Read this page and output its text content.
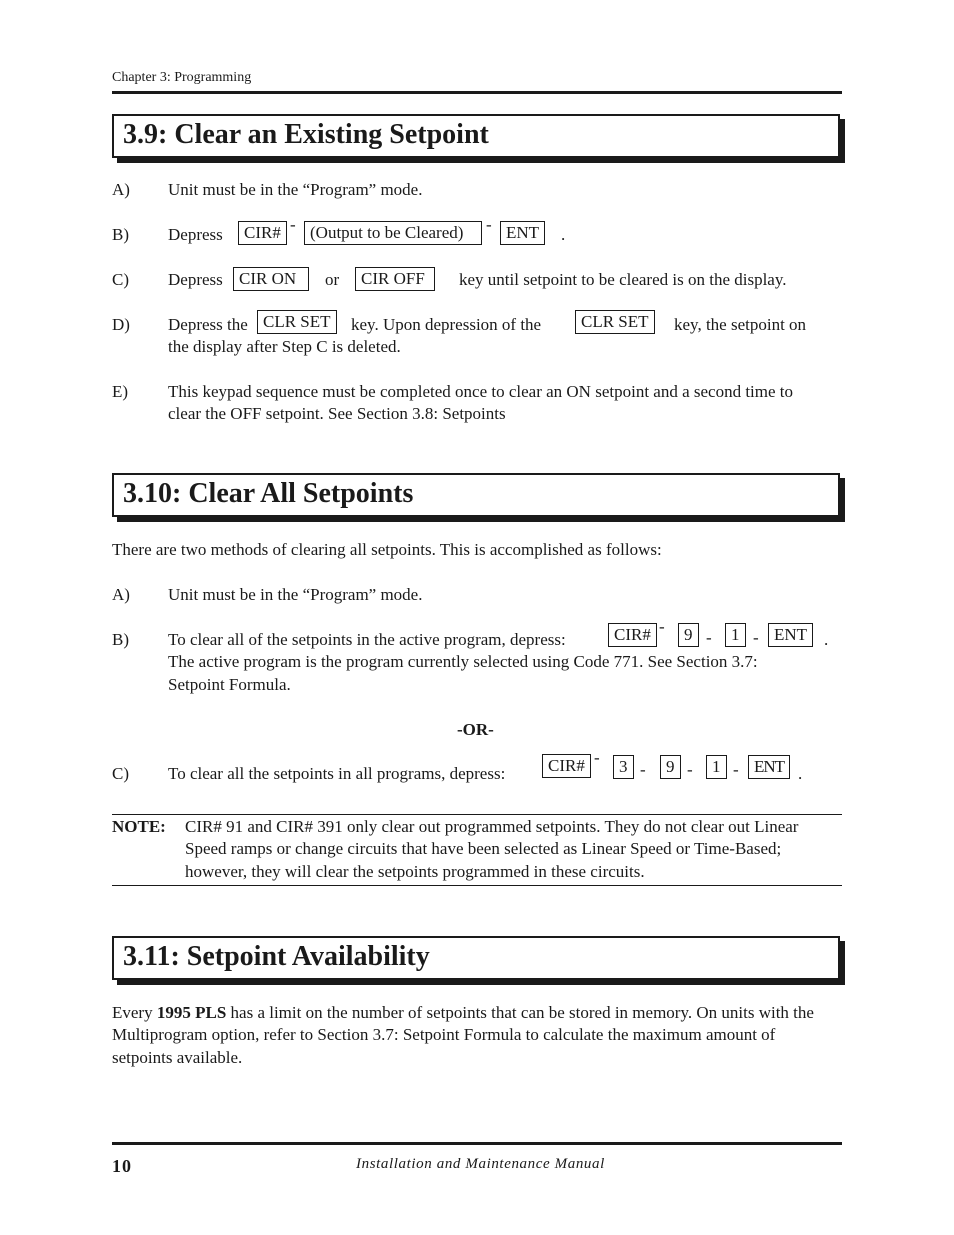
Chapter 3: Programming
3.9: Clear an Existing Setpoint
A) Unit must be in the “Program” mode.
B) Depress	CIR# - (Output to be Cleared)	- ENT	.
C) Depress CIR ON	or	CIR OFF	key until setpoint to be cleared is on the display.
D) Depress the CLR SET	key. Upon depression of the	CLR SET	key, the setpoint on
the display after Step C is deleted.
E) This keypad sequence must be completed once to clear an ON setpoint and a second time to
clear the OFF setpoint. See Section 3.8: Setpoints
3.10: Clear All Setpoints
There are two methods of clearing all setpoints. This is accomplished as follows:
A) Unit must be in the “Program” mode.
B) To clear all of the setpoints in the active program, depress:	CIR# -	9 -	1 - ENT .
The active program is the program currently selected using Code 771. See Section 3.7:
Setpoint Formula.
-OR-
C) To clear all the setpoints in all programs, depress:	CIR# -	3 -	9 -	1 - ENT .
NOTE: CIR# 91 and CIR# 391 only clear out programmed setpoints. They do not clear out Linear
Speed ramps or change circuits that have been selected as Linear Speed or Time-Based;
however, they will clear the setpoints programmed in these circuits.
3.11: Setpoint Availability
Every 1995 PLS has a limit on the number of setpoints that can be stored in memory. On units with the
Multiprogram option, refer to Section 3.7: Setpoint Formula to calculate the maximum amount of
setpoints available.
10	Installation and Maintenance Manual
